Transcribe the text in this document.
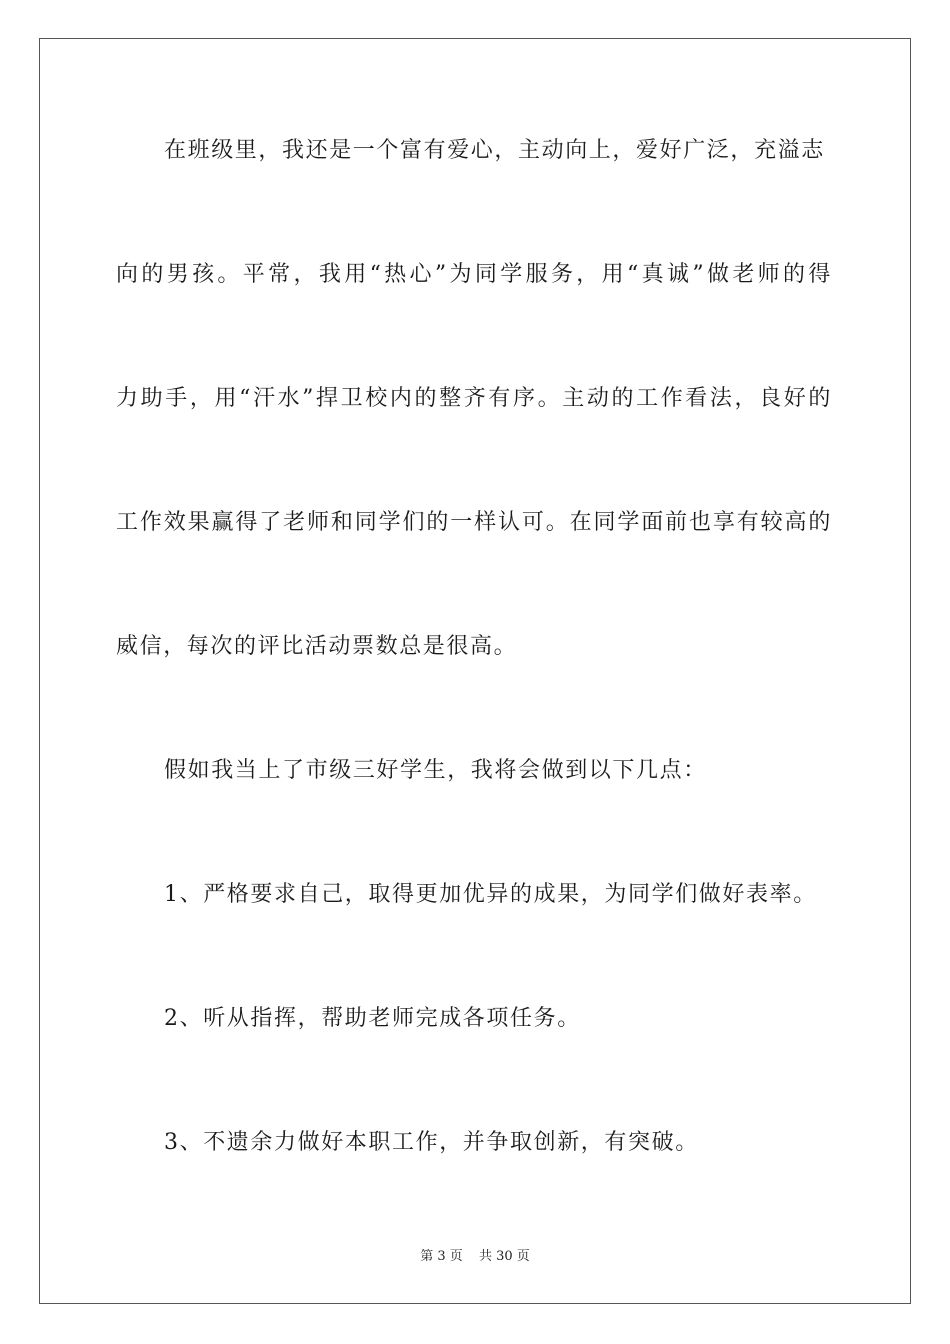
在班级里，我还是一个富有爱心，主动向上，爱好广泛，充溢志
向的男孩。平常，我用“热心”为同学服务，用“真诚”做老师的得
力助手，用“汗水”捍卫校内的整齐有序。主动的工作看法，良好的
工作效果赢得了老师和同学们的一样认可。在同学面前也享有较高的
威信，每次的评比活动票数总是很高。
假如我当上了市级三好学生，我将会做到以下几点：
1、严格要求自己，取得更加优异的成果，为同学们做好表率。
2、听从指挥，帮助老师完成各项任务。
3、不遗余力做好本职工作，并争取创新，有突破。
第 3 页 共 30 页
